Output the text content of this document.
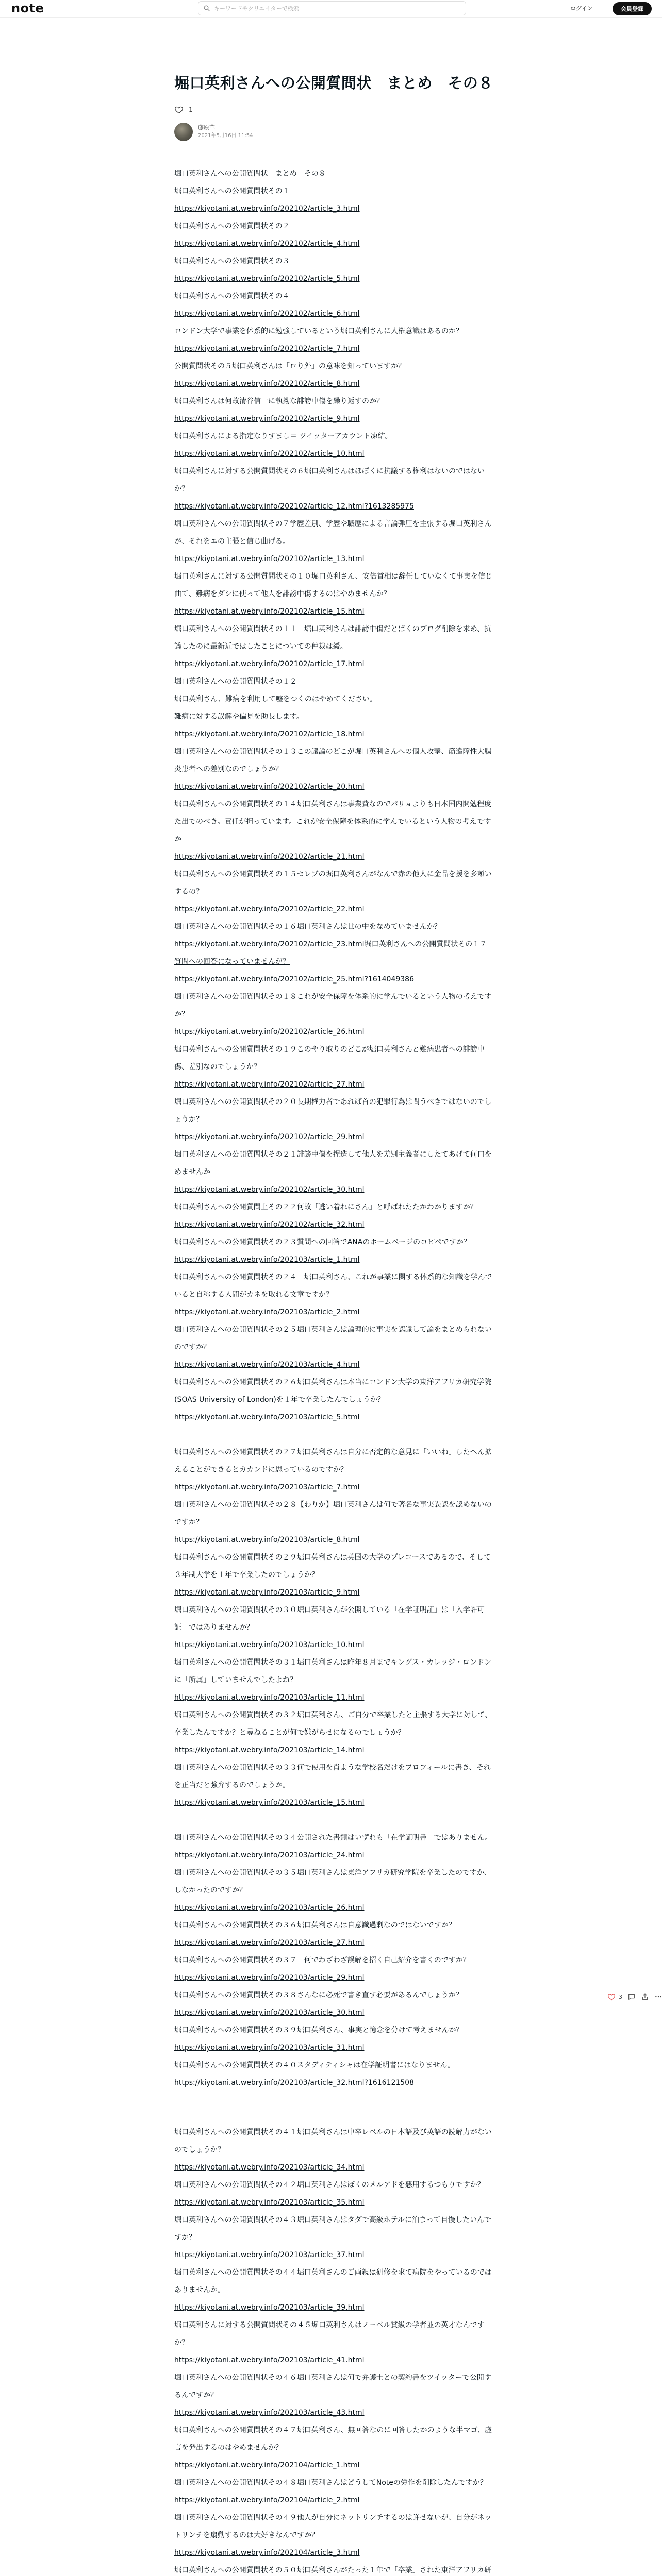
note
キーワードやクリエイターで検索	ログイン	会員登録
堀口英利さんへの公開質問状　まとめ　その８
1
藤原華一
2021年5月16日 11:54

堀口英利さんへの公開質問状　まとめ　その８

堀口英利さんへの公開質問状その１

https://kiyotani.at.webry.info/202102/article_3.html

堀口英利さんへの公開質問状その２

https://kiyotani.at.webry.info/202102/article_4.html

堀口英利さんへの公開質問状その３

https://kiyotani.at.webry.info/202102/article_5.html

堀口英利さんへの公開質問状その４

https://kiyotani.at.webry.info/202102/article_6.html

ロンドン大学で事業を体系的に勉強しているという堀口英利さんに人権意識はあるのか？

https://kiyotani.at.webry.info/202102/article_7.html

公開質問状その５堀口英利さんは「ロり外」の意味を知っていますか？

https://kiyotani.at.webry.info/202102/article_8.html

堀口英利さんは何故清谷信一に執拗な誹謗中傷を繰り返すのか？

https://kiyotani.at.webry.info/202102/article_9.html

堀口英利さんによる指定なりすまし＝ ツイッターアカウント凍結。

https://kiyotani.at.webry.info/202102/article_10.html

堀口英利さんに対する公開質問状その６堀口英利さんはほぼくに抗議する権利はないのではないか？

https://kiyotani.at.webry.info/202102/article_12.html?1613285975

堀口英利さんへの公開質問状その７学歴差別、学歴や職歴による言論弾圧を主張する堀口英利さんが、それをエの主張と信じ曲げる。

https://kiyotani.at.webry.info/202102/article_13.html

堀口英利さんに対する公開質問状その１０堀口英利さん、安倍首相は辞任していなくて事実を信じ曲て、難病をダシに使って他人を誹謗中傷するのはやめませんか？

https://kiyotani.at.webry.info/202102/article_15.html

堀口英利さんへの公開質問状その１１　堀口英利さんは誹謗中傷だとばくのブログ削除を求め、抗議したのに最新近ではしたことについての仲裁は緩。

https://kiyotani.at.webry.info/202102/article_17.html

堀口英利さんへの公開質問状その１２

堀口英利さん、難病を利用して嘘をつくのはやめてください。

難病に対する誤解や偏見を助長します。

https://kiyotani.at.webry.info/202102/article_18.html

堀口英利さんへの公開質問状その１３この議論のどこが堀口英利さんへの個人攻撃、筋違障性大腸炎患者への差別なのでしょうか？

https://kiyotani.at.webry.info/202102/article_20.html

堀口英利さんへの公開質問状その１４堀口英利さんは事業費なのでパリョよりも日本国内開勉程度た出でのべき。責任が担っています。これが安全保障を体系的に学んでいるという人物の考えですか

https://kiyotani.at.webry.info/202102/article_21.html

堀口英利さんへの公開質問状その１５セレブの堀口英利さんがなんで赤の他人に金品を援を多頼いするの？

https://kiyotani.at.webry.info/202102/article_22.html

堀口英利さんへの公開質問状その１６堀口英利さんは世の中をなめていませんか？

https://kiyotani.at.webry.info/202102/article_23.html堀口英利さんへの公開質問状その１７質問への回答になっていませんが？

https://kiyotani.at.webry.info/202102/article_25.html?1614049386

堀口英利さんへの公開質問状その１８これが安全保障を体系的に学んでいるという人物の考えですか？

https://kiyotani.at.webry.info/202102/article_26.html

堀口英利さんへの公開質問状その１９このやり取りのどこが堀口英利さんと難病患者への誹謗中傷、差別なのでしょうか？

https://kiyotani.at.webry.info/202102/article_27.html

堀口英利さんへの公開質問状その２０長期権力者であれば首の犯罪行為は問うべきではないのでしょうか？

https://kiyotani.at.webry.info/202102/article_29.html

堀口英利さんへの公開質問状その２１誹謗中傷を捏造して他人を差別主義者にしたてあげて何口をめませんか

https://kiyotani.at.webry.info/202102/article_30.html

堀口英利さんへの公開質問上その２２何故「逃い着れにさん」と呼ばれたたかわかりますか？

https://kiyotani.at.webry.info/202102/article_32.html

堀口英利さんへの公開質問状その２３質問への回答でANAのホームページのコピペですか？

https://kiyotani.at.webry.info/202103/article_1.html

堀口英利さんへの公開質問状その２４　堀口英利さん、これが事業に関する体系的な知識を学んでいると自称する人間がカネを取れる文章ですか？

https://kiyotani.at.webry.info/202103/article_2.html

堀口英利さんへの公開質問状その２５堀口英利さんは論理的に事実を認識して論をまとめられないのですか？

https://kiyotani.at.webry.info/202103/article_4.html

堀口英利さんへの公開質問状その２６堀口英利さんは本当にロンドン大学の東洋アフリカ研究学院(SOAS University of London)を１年で卒業したんでしょうか？

https://kiyotani.at.webry.info/202103/article_5.html

堀口英利さんへの公開質問状その２７堀口英利さんは自分に否定的な意見に「いいね」したへん拡えることができるとカカンドに思っているのですか？

https://kiyotani.at.webry.info/202103/article_7.html

堀口英利さんへの公開質問状その２８【わりか】堀口英利さんは何で著名な事実誤認を認めないのですか？

https://kiyotani.at.webry.info/202103/article_8.html

堀口英利さんへの公開質問状その２９堀口英利さんは英国の大学のプレコースであるので、そして３年制大学を１年で卒業したのでしょうか？

https://kiyotani.at.webry.info/202103/article_9.html

堀口英利さんへの公開質問状その３０堀口英利さんが公開している「在学証明証」は「入学許可証」ではありませんか？

https://kiyotani.at.webry.info/202103/article_10.html

堀口英利さんへの公開質問状その３１堀口英利さんは昨年８月までキングス・カレッジ・ロンドンに「所属」していませんでしたよね？

https://kiyotani.at.webry.info/202103/article_11.html

堀口英利さんへの公開質問状その３２堀口英利さん、ご自分で卒業したと主張する大学に対して、卒業したんですか？と尋ねることが何で嫌がらせになるのでしょうか？

https://kiyotani.at.webry.info/202103/article_14.html

堀口英利さんへの公開質問状その３３何で使用を肖ような学校名だけをプロフィールに書き、それを正当だと強弁するのでしょうか。

https://kiyotani.at.webry.info/202103/article_15.html

堀口英利さんへの公開質問状その３４公開された書類はいずれも「在学証明書」ではありません。

https://kiyotani.at.webry.info/202103/article_24.html

堀口英利さんへの公開質問状その３５堀口英利さんは東洋アフリカ研究学院を卒業したのですか、しなかったのですか？

https://kiyotani.at.webry.info/202103/article_26.html

堀口英利さんへの公開質問状その３６堀口英利さんは自意識過剰なのではないですか？

https://kiyotani.at.webry.info/202103/article_27.html

堀口英利さんへの公開質問状その３７　何でわざわざ誤解を招く自己紹介を書くのですか？

https://kiyotani.at.webry.info/202103/article_29.html

堀口英利さんへの公開質問状その３８さんなに必死で書き直す必要があるんでしょうか？

https://kiyotani.at.webry.info/202103/article_30.html

堀口英利さんへの公開質問状その３９堀口英利さん、事実と憶念を分けて考えませんか？

https://kiyotani.at.webry.info/202103/article_31.html

堀口英利さんへの公開質問状その４０スタディティシャは在学証明書にはなりません。

https://kiyotani.at.webry.info/202103/article_32.html?1616121508

堀口英利さんへの公開質問状その４１堀口英利さんは中卒レベルの日本語及び英語の読解力がないのでしょうか？

https://kiyotani.at.webry.info/202103/article_34.html

堀口英利さんへの公開質問状その４２堀口英利さんはぼくのメルアドを悪用するつもりですか？

https://kiyotani.at.webry.info/202103/article_35.html

堀口英利さんへの公開質問状その４３堀口英利さんはタダで高級ホテルに泊まって自慢したいんですか？

https://kiyotani.at.webry.info/202103/article_37.html

堀口英利さんへの公開質問状その４４堀口英利さんのご両親は研修を求て病院をやっているのではありませんか。

https://kiyotani.at.webry.info/202103/article_39.html

堀口英利さんに対する公開質問状その４５堀口英利さんはノーベル賞級の学者並の英才なんですか？

https://kiyotani.at.webry.info/202103/article_41.html

堀口英利さんへの公開質問状その４６堀口英利さんは何で弁護士との契約書をツイッターで公開するんですか？

https://kiyotani.at.webry.info/202103/article_43.html

堀口英利さんへの公開質問状その４７堀口英利さん、無回答なのに回答したかのような半マゴ、虚言を発出するのはやめませんか？

https://kiyotani.at.webry.info/202104/article_1.html

堀口英利さんへの公開質問状その４８堀口英利さんはどうしてNoteの労作を削除したんですか？

https://kiyotani.at.webry.info/202104/article_2.html

堀口英利さんへの公開質問状その４９他人が自分にネットリンチするのは許せないが、自分がネットリンチを扇動するのは大好きなんですか？

https://kiyotani.at.webry.info/202104/article_3.html

堀口英利さんへの公開質問状その５０堀口英利さんがたった１年で「卒業」された東洋アフリカ研

3
